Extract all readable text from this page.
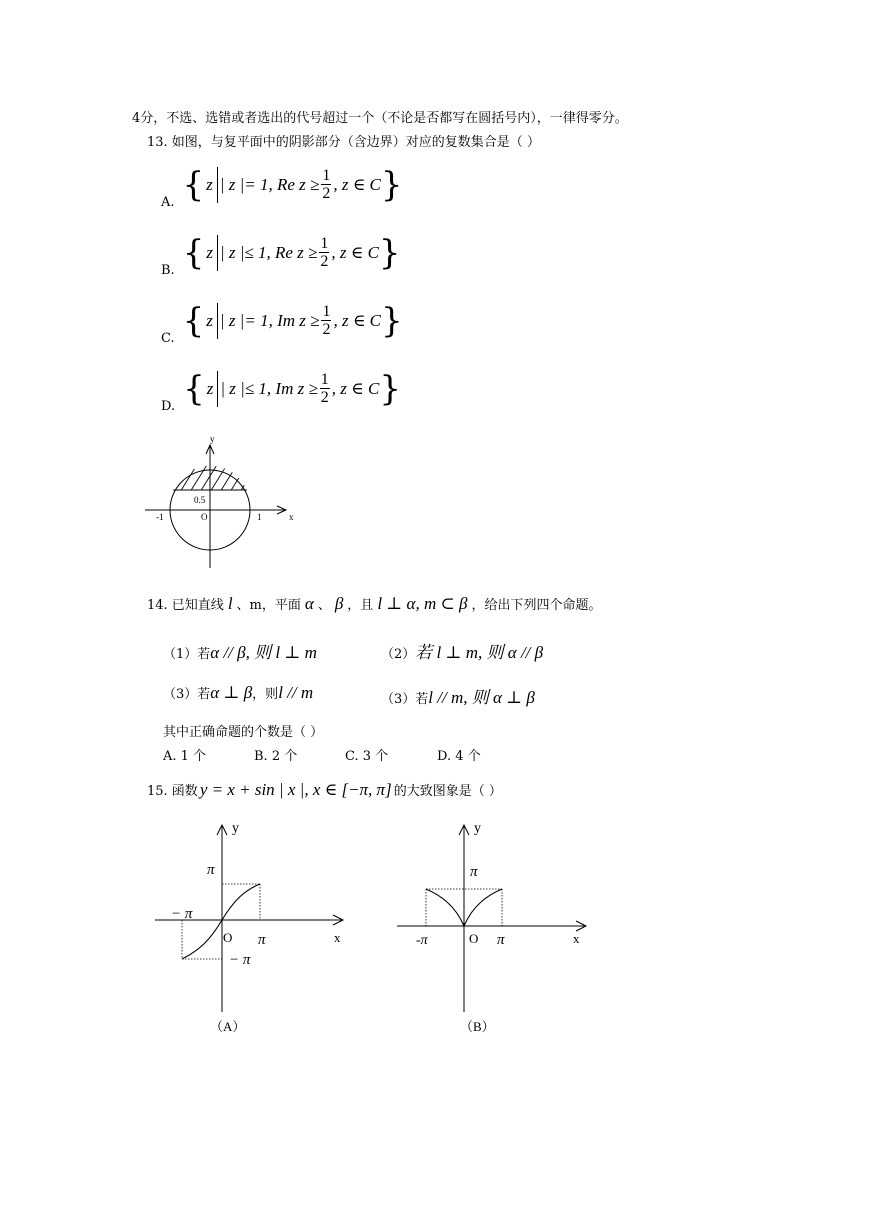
4分，不选、选错或者选出的代号超过一个（不论是否都写在圆括号内），一律得零分。
13. 如图，与复平面中的阴影部分（含边界）对应的复数集合是（ ）
A. { z | z |= 1, Re $z \ge \frac{1}{2}$ , z ∈ C }
B. { z | z |≤ 1, Re $z \ge \frac{1}{2}$ , z ∈ C }
C. { z | z |= 1, Im $z \ge \frac{1}{2}$ , z ∈ C }
D. { z | z |≤ 1, Im $z \ge \frac{1}{2}$ , z ∈ C }
y
x
O
-1	1
0.5
14. 已知直线 l 、m，平面 α 、 β ，且 l ⊥ α, m ⊂ β ，给出下列四个命题。
（1）若 α // β, 则 l ⊥ m	（2） 若 l ⊥ m, 则 α // β
（3）若 α ⊥ β ，则 l // m	（3）若 l // m, 则 α ⊥ β
其中正确命题的个数是（ ）
A. 1 个	B. 2 个	C. 3 个	D. 4 个
15. 函数 y = x + sin | x |, x ∈ [−π, π] 的大致图象是（ ）
y
x
O
π
− π
π
− π
（A）
y
x
O
π
-π	π
（B）
